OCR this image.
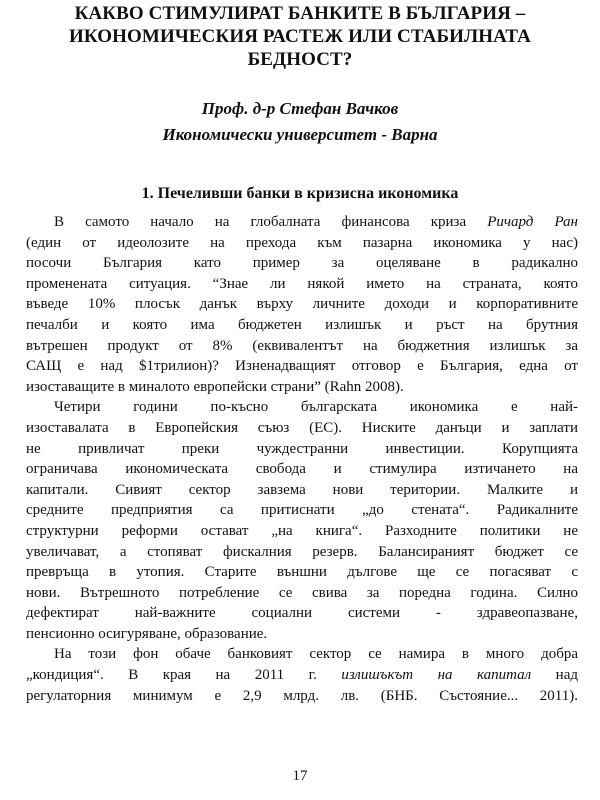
КАКВО СТИМУЛИРАТ БАНКИТЕ В БЪЛГАРИЯ –
ИКОНОМИЧЕСКИЯ РАСТЕЖ ИЛИ СТАБИЛНАТА
БЕДНОСТ?
Проф. д-р Стефан Вачков
Икономически университет - Варна
1. Печеливши банки в кризисна икономика
В самото начало на глобалната финансова криза Ричард Ран
(един от идеолозите на прехода към пазарна икономика у нас)
посочи България като пример за оцеляване в радикално
променената ситуация. “Знае ли някой името на страната, която
въведе 10% плосък данък върху личните доходи и корпоративните
печалби и която има бюджетен излишък и ръст на брутния
вътрешен продукт от 8% (еквивалентът на бюджетния излишък за
САЩ е над $1трилион)? Изненадващият отговор е България, една от
изоставащите в миналото европейски страни” (Rahn 2008).
Четири години по-късно българската икономика е най-
изоставалата в Европейския съюз (ЕС). Ниските данъци и заплати
не привличат преки чуждестранни инвестиции. Корупцията
ограничава икономическата свобода и стимулира изтичането на
капитали. Сивият сектор завзема нови територии. Малките и
средните предприятия са притиснати „до стената“. Радикалните
структурни реформи остават „на книга“. Разходните политики не
увеличават, а стопяват фискалния резерв. Балансираният бюджет се
превръща в утопия. Старите външни дългове ще се погасяват с
нови. Вътрешното потребление се свива за поредна година. Силно
дефектират най-важните социални системи - здравеопазване,
пенсионно осигуряване, образование.
На този фон обаче банковият сектор се намира в много добра
„кондиция“. В края на 2011 г. излишъкът на капитал над
регулаторния минимум е 2,9 млрд. лв. (БНБ. Състояние... 2011).
17
